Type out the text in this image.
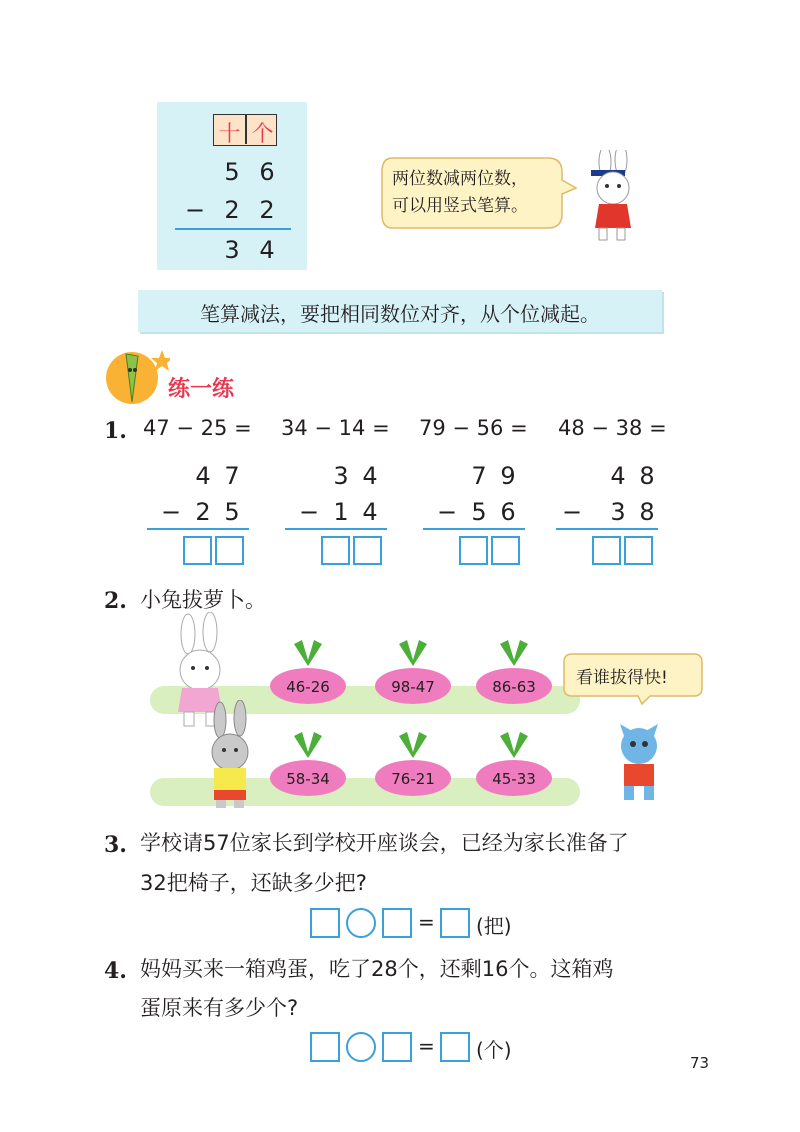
十 个
5 6
− 2 2
3 4
两位数减两位数，
可以用竖式笔算。
笔算减法，要把相同数位对齐，从个位减起。
练一练
1. 47 − 25 =
4 7
− 2 5
34 − 14 =
3 4
− 1 4
79 − 56 =
7 9
− 5 6
48 − 38 =
4 8
− 3 8
2. 小兔拔萝卜。
46-26	98-47	86-63
58-34	76-21	45-33
看谁拔得快!
3. 学校请57位家长到学校开座谈会，已经为家长准备了
32把椅子，还缺多少把?
= (把)
4. 妈妈买来一箱鸡蛋，吃了28个，还剩16个。这箱鸡
蛋原来有多少个?
= (个)
73
